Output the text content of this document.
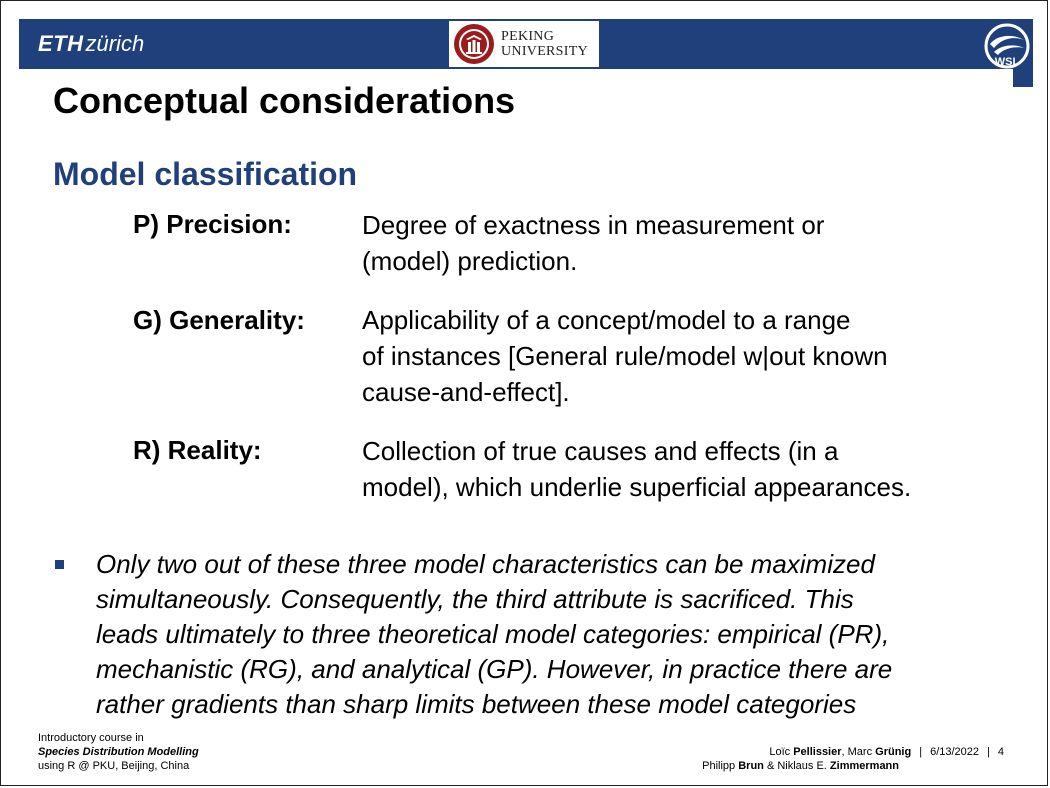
ETHzürich	PEKING
UNIVERSITY
WSL
Conceptual considerations
Model classification
P) Precision:	Degree of exactness in measurement or
(model) prediction.
G) Generality: Applicability of a concept/model to a range
of instances [General rule/model w|out known
cause-and-effect].
R) Reality:	Collection of true causes and effects (in a
model), which underlie superficial appearances.
Only two out of these three model characteristics can be maximized
simultaneously. Consequently, the third attribute is sacrificed. This
leads ultimately to three theoretical model categories: empirical (PR),
mechanistic (RG), and analytical (GP). However, in practice there are
rather gradients than sharp limits between these model categories
Introductory course in
Species Distribution Modelling
using R @ PKU, Beijing, China
Loïc Pellissier, Marc Grünig | 6/13/2022 | 4
Philipp Brun & Niklaus E. Zimmermann
